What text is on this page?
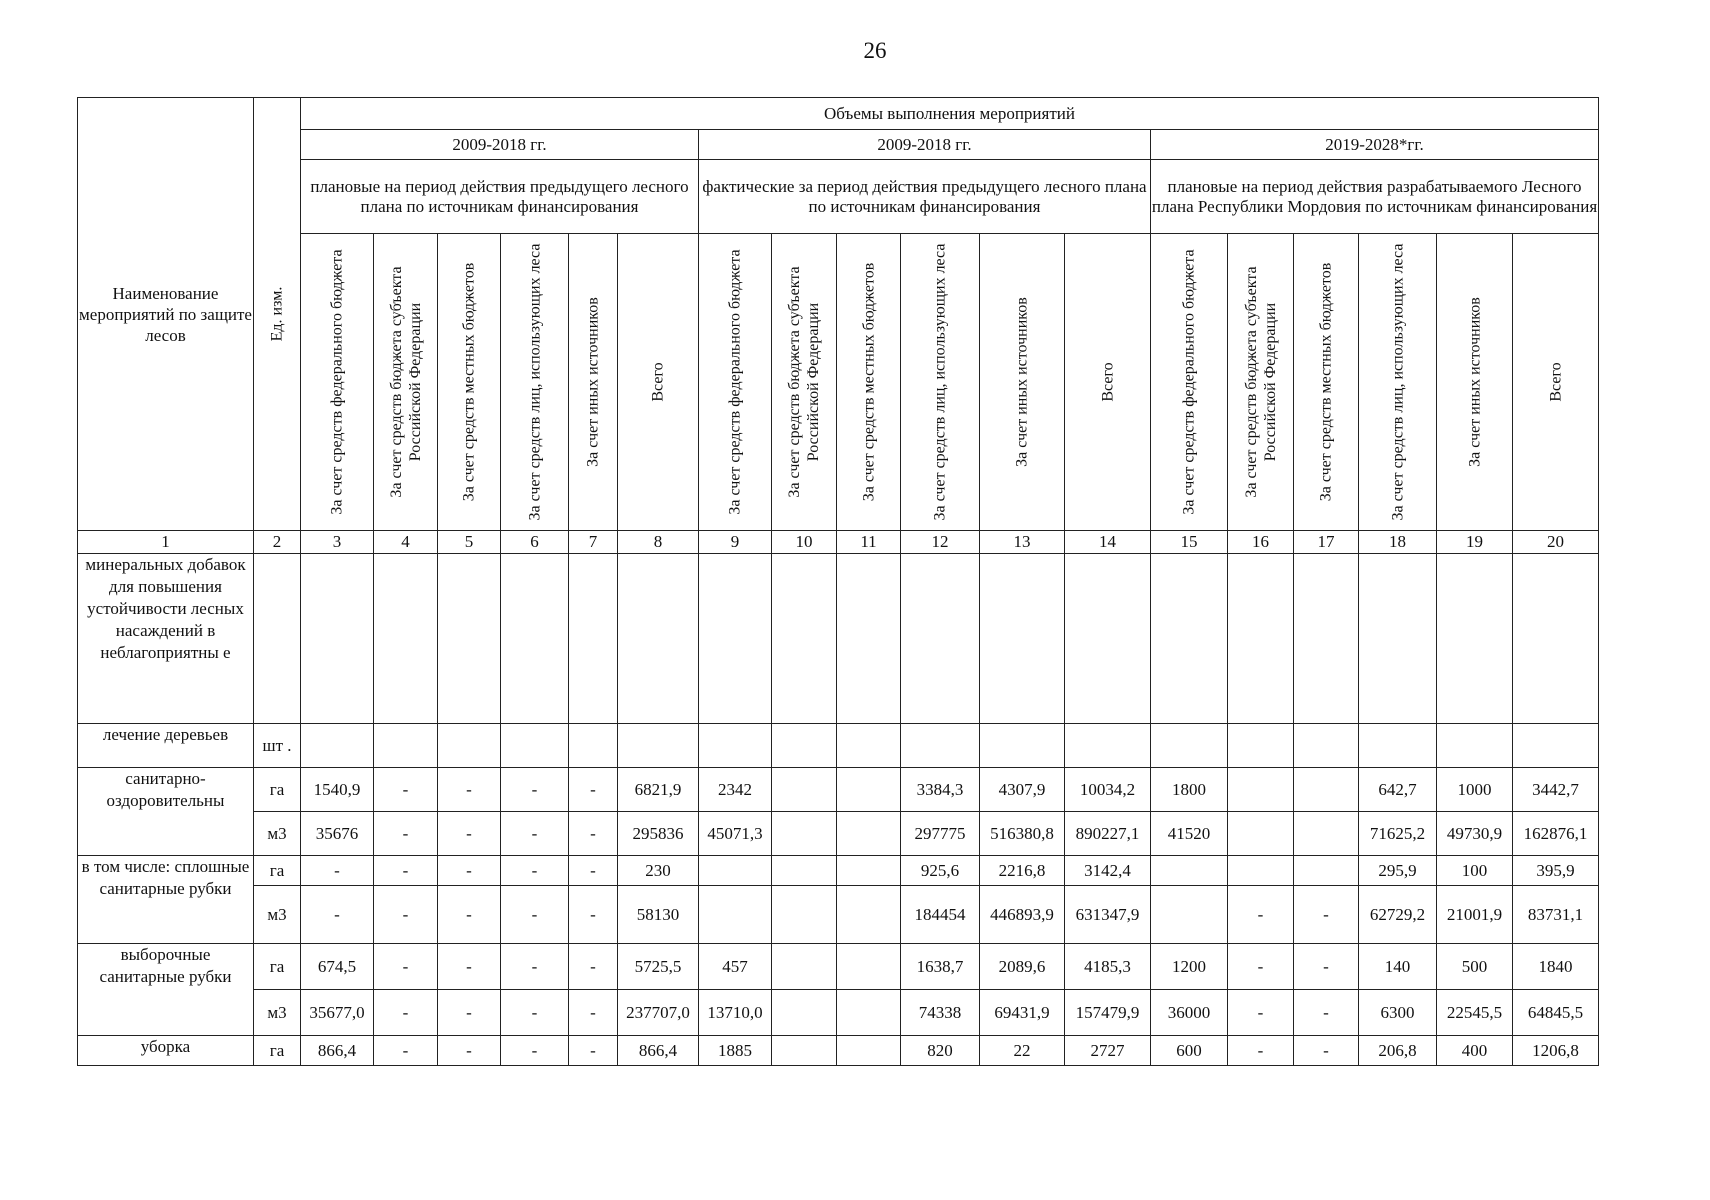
26
Наименование мероприятий по защите лесов	Ед. изм.	Объемы выполнения мероприятий																	
		2009-2018 гг.						2009-2018 гг.						2019-2028*гг.					
		плановые на период действия предыдущего лесного плана по источникам финансирования						фактические за период действия предыдущего лесного плана по источникам финансирования						плановые на период действия разрабатываемого Лесного плана Республики Мордовия по источникам финансирования					

		За счет средств федерального бюджета	За счет средств бюджета субъекта Российской Федерации	За счет средств местных бюджетов	За счет средств лиц, использующих леса	За счет иных источников	Всего	За счет средств федерального бюджета	За счет средств бюджета субъекта Российской Федерации	За счет средств местных бюджетов	За счет средств лиц, использующих леса	За счет иных источников	Всего	За счет средств федерального бюджета	За счет средств бюджета субъекта Российской Федерации	За счет средств местных бюджетов	За счет средств лиц, использующих леса	За счет иных источников	Всего

1	2	3	4	5	6	7	8	9	10	11	12	13	14	15	16	17	18	19	20
минеральных добавок для повышения устойчивости лесных насаждений в неблагоприятны е																			
лечение деревьев	шт .																		
санитарно-оздоровительны	га	1540,9	-	-	-	-	6821,9	2342			3384,3	4307,9	10034,2	1800			642,7	1000	3442,7
	м3	35676	-	-	-	-	295836	45071,3			297775	516380,8	890227,1	41520			71625,2	49730,9	162876,1
в том числе: сплошные санитарные рубки	га	-	-	-	-	-	230				925,6	2216,8	3142,4				295,9	100	395,9
	м3	-	-	-	-	-	58130				184454	446893,9	631347,9		-	-	62729,2	21001,9	83731,1
выборочные санитарные рубки	га	674,5	-	-	-	-	5725,5	457			1638,7	2089,6	4185,3	1200	-	-	140	500	1840
	м3	35677,0	-	-	-	-	237707,0	13710,0			74338	69431,9	157479,9	36000	-	-	6300	22545,5	64845,5
уборка	га	866,4	-	-	-	-	866,4	1885			820	22	2727	600	-	-	206,8	400	1206,8
